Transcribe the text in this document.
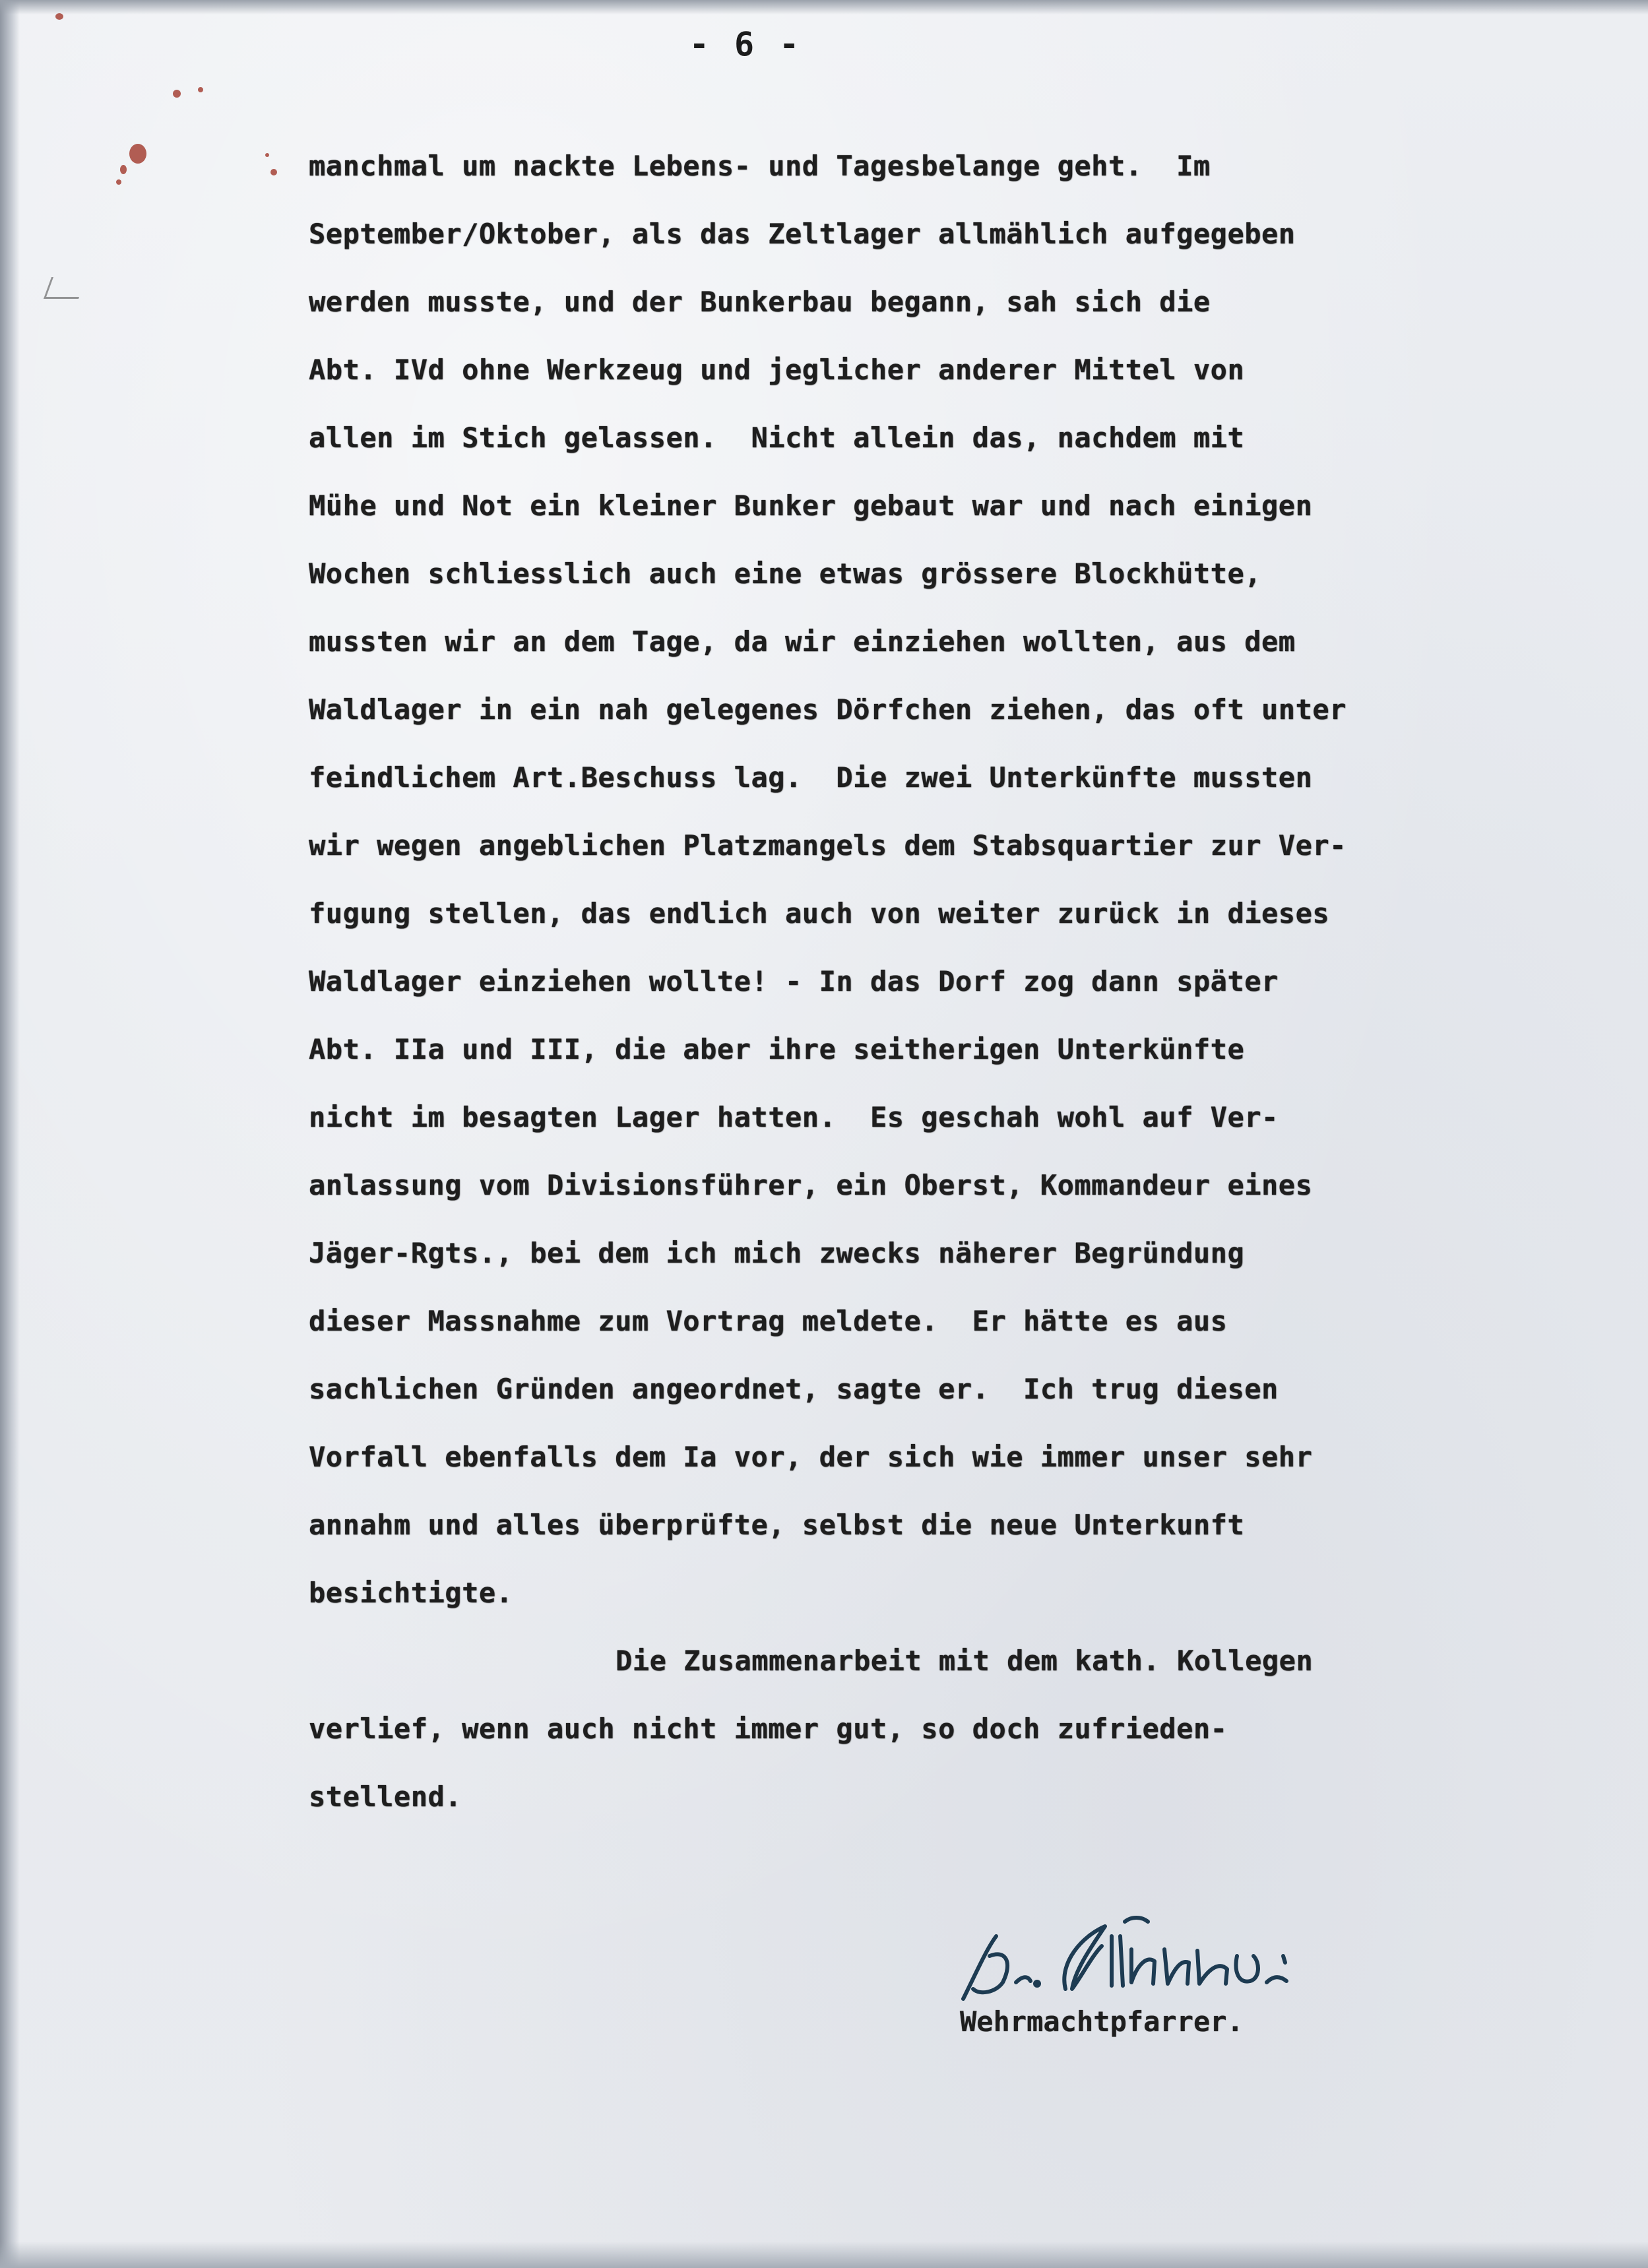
- 6 -
manchmal um nackte Lebens- und Tagesbelange geht.  Im
September/Oktober, als das Zeltlager allmählich aufgegeben
werden musste, und der Bunkerbau begann, sah sich die
Abt. IVd ohne Werkzeug und jeglicher anderer Mittel von
allen im Stich gelassen.  Nicht allein das, nachdem mit
Mühe und Not ein kleiner Bunker gebaut war und nach einigen
Wochen schliesslich auch eine etwas grössere Blockhütte,
mussten wir an dem Tage, da wir einziehen wollten, aus dem
Waldlager in ein nah gelegenes Dörfchen ziehen, das oft unter
feindlichem Art.Beschuss lag.  Die zwei Unterkünfte mussten
wir wegen angeblichen Platzmangels dem Stabsquartier zur Ver-
fugung stellen, das endlich auch von weiter zurück in dieses
Waldlager einziehen wollte! - In das Dorf zog dann später
Abt. IIa und III, die aber ihre seitherigen Unterkünfte
nicht im besagten Lager hatten.  Es geschah wohl auf Ver-
anlassung vom Divisionsführer, ein Oberst, Kommandeur eines
Jäger-Rgts., bei dem ich mich zwecks näherer Begründung
dieser Massnahme zum Vortrag meldete.  Er hätte es aus
sachlichen Gründen angeordnet, sagte er.  Ich trug diesen
Vorfall ebenfalls dem Ia vor, der sich wie immer unser sehr
annahm und alles überprüfte, selbst die neue Unterkunft
besichtigte.
Die Zusammenarbeit mit dem kath. Kollegen
verlief, wenn auch nicht immer gut, so doch zufrieden-
stellend.
Wehrmachtpfarrer.
